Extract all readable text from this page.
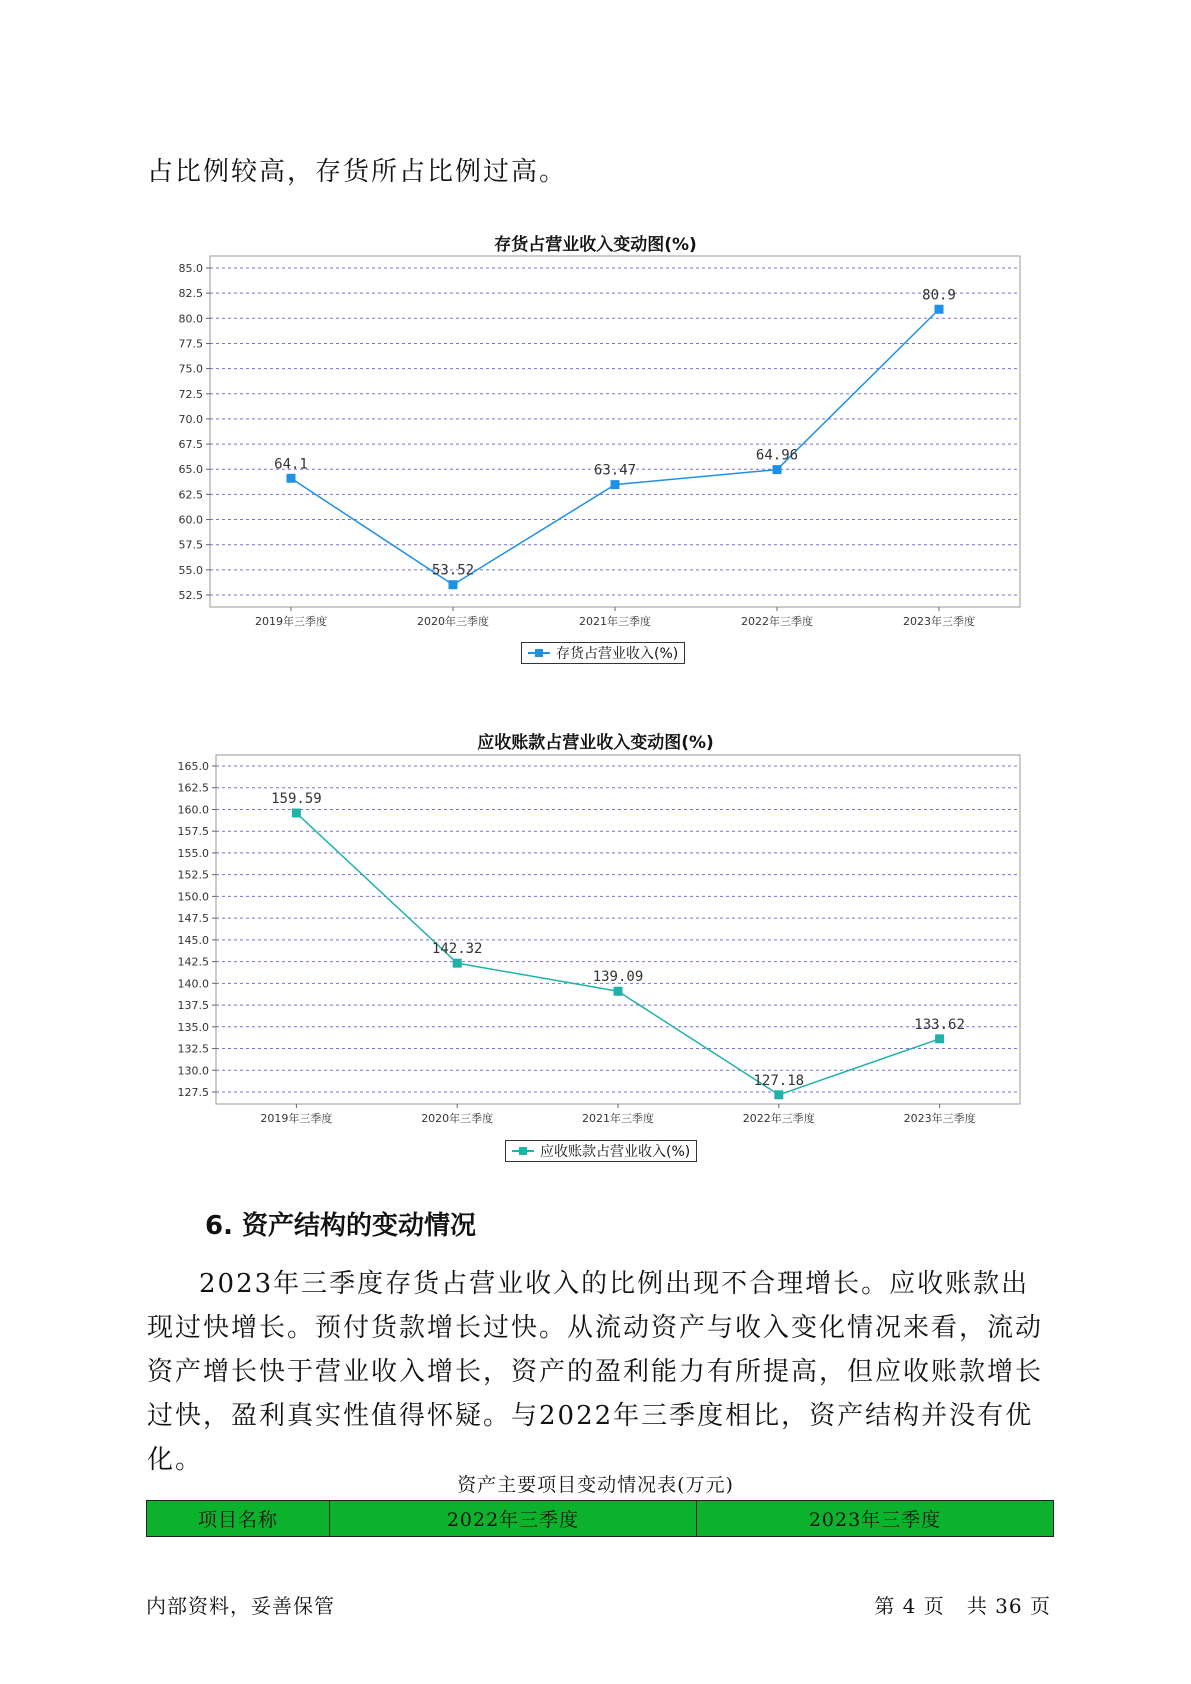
占比例较高，存货所占比例过高。

存货占营业收入变动图(%)
85.0
82.5
80.0
77.5
75.0
72.5
70.0
67.5
65.0
62.5
60.0
57.5
55.0
52.5
2019年三季度	2020年三季度	2021年三季度	2022年三季度	2023年三季度
64.1
53.52
63.47
64.96
80.9
存货占营业收入(%)
应收账款占营业收入变动图(%)
165.0
162.5
160.0
157.5
155.0
152.5
150.0
147.5
145.0
142.5
140.0
137.5
135.0
132.5
130.0
127.5
2019年三季度	2020年三季度	2021年三季度	2022年三季度	2023年三季度
159.59
142.32
139.09
127.18
133.62
应收账款占营业收入(%)
6. 资产结构的变动情况

2023年三季度存货占营业收入的比例出现不合理增长。应收账款出现过快增长。预付货款增长过快。从流动资产与收入变化情况来看，流动资产增长快于营业收入增长，资产的盈利能力有所提高，但应收账款增长过快，盈利真实性值得怀疑。与2022年三季度相比，资产结构并没有优化。

资产主要项目变动情况表(万元)
项目名称	2022年三季度	2023年三季度
内部资料，妥善保管	第 4 页   共 36 页
